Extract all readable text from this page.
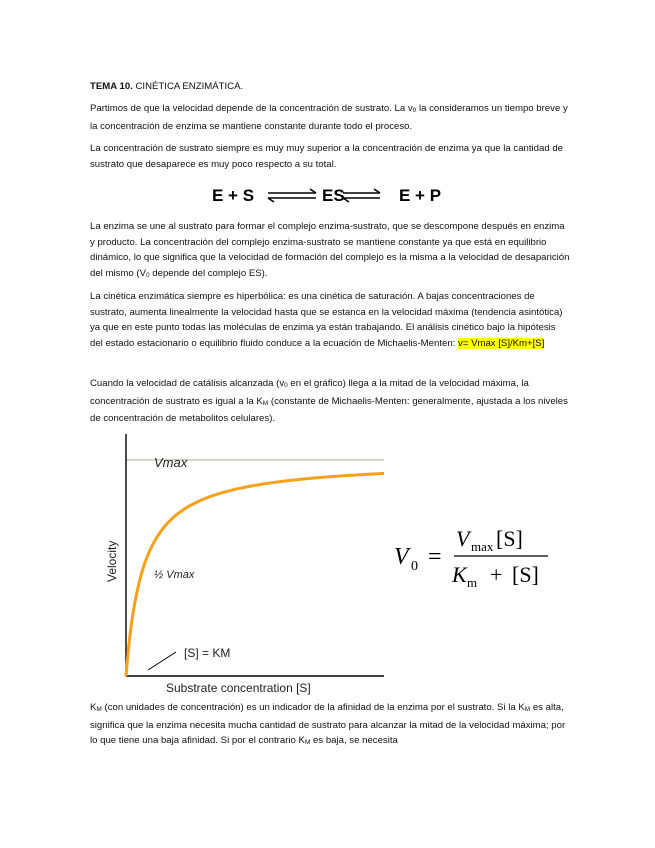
TEMA 10. CINÉTICA ENZIMÁTICA.

Partimos de que la velocidad depende de la concentración de sustrato. La v0 la consideramos un tiempo breve y la concentración de enzima se mantiene constante durante todo el proceso.

La concentración de sustrato siempre es muy muy superior a la concentración de enzima ya que la cantidad de sustrato que desaparece es muy poco respecto a su total.

E + S	ES	E + P

La enzima se une al sustrato para formar el complejo enzima-sustrato, que se descompone después en enzima y producto. La concentración del complejo enzima-sustrato se mantiene constante ya que está en equilibrio dinámico, lo que significa que la velocidad de formación del complejo es la misma a la velocidad de desaparición del mismo (V0 depende del complejo ES).

La cinética enzimática siempre es hiperbólica: es una cinética de saturación. A bajas concentraciones de sustrato, aumenta linealmente la velocidad hasta que se estanca en la velocidad máxima (tendencia asintótica) ya que en este punto todas las moléculas de enzima ya están trabajando. El análisis cinético bajo la hipótesis del estado estacionario o equilibrio fluido conduce a la ecuación de Michaelis-Menten: v= Vmax [S]/Km+[S]

Cuando la velocidad de catálisis alcanzada (v0 en el gráfico) llega a la mitad de la velocidad máxima, la concentración de sustrato es igual a la KM (constante de Michaelis-Menten: generalmente, ajustada a los niveles de concentración de metabolitos celulares).

Vmax
½ Vmax
[S] = KM
Substrate concentration [S]
Velocity	V 0 =
V max [S]
K m + [S]

KM (con unidades de concentración) es un indicador de la afinidad de la enzima por el sustrato. Si la KM es alta, significa que la enzima necesita mucha cantidad de sustrato para alcanzar la mitad de la velocidad máxima; por lo que tiene una baja afinidad. Si por el contrario KM es baja, se necesita
